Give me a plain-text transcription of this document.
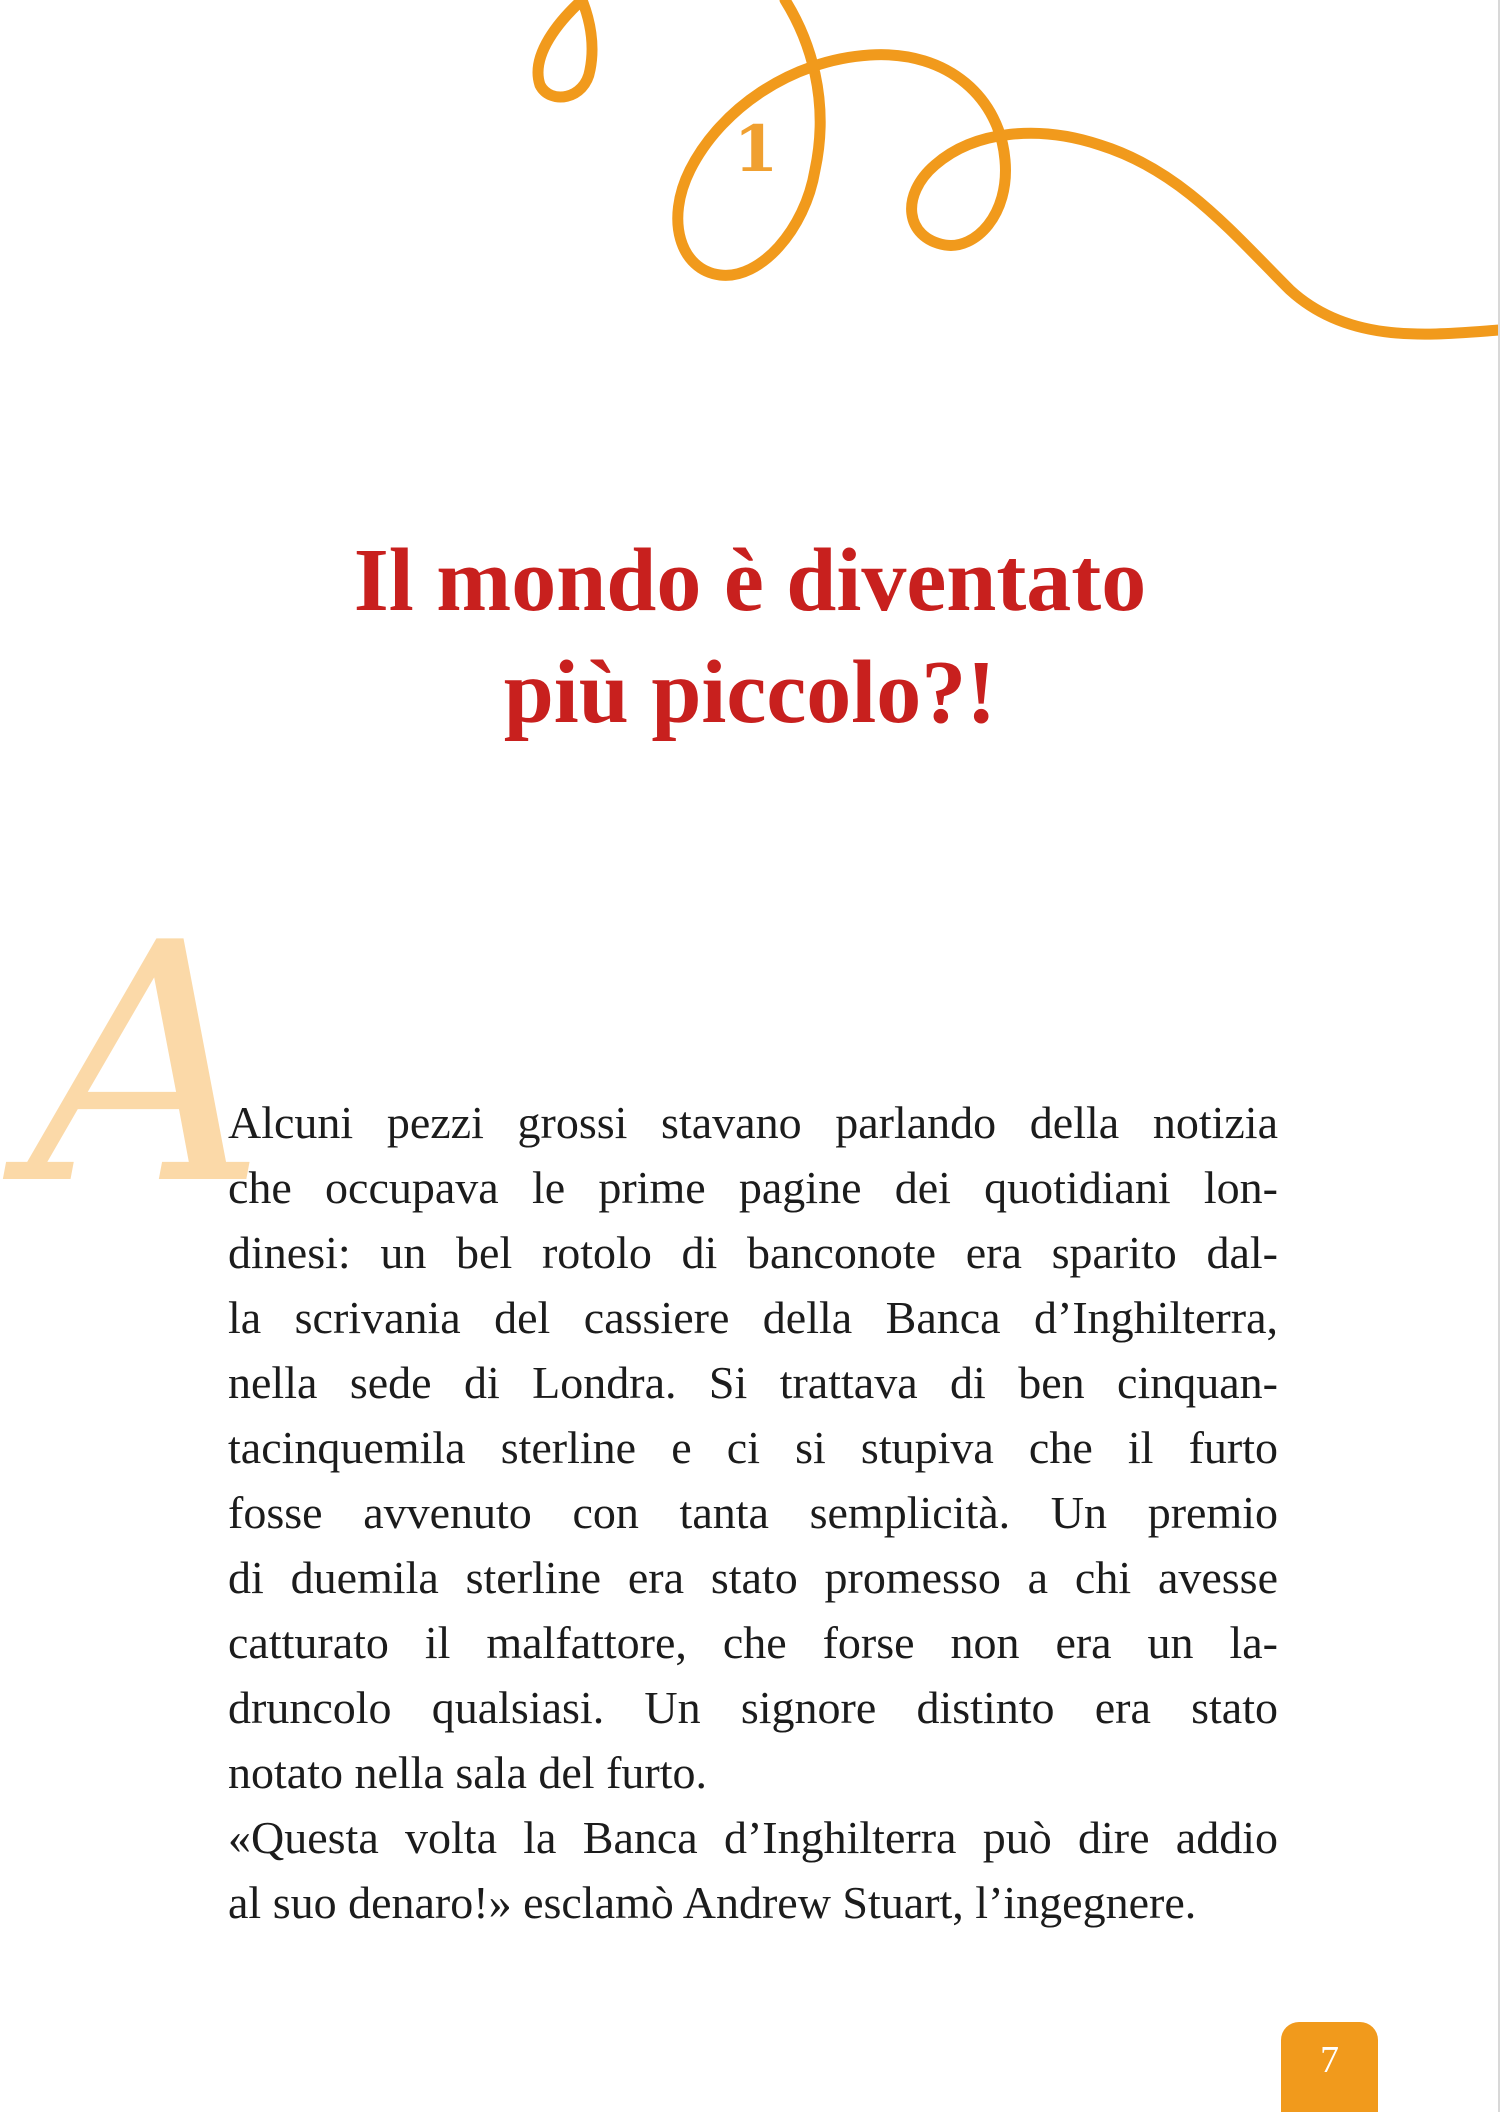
1
Il mondo è diventato
più piccolo?!
A
Alcuni pezzi grossi stavano parlando della notizia
che occupava le prime pagine dei quotidiani lon-
dinesi: un bel rotolo di banconote era sparito dal-
la scrivania del cassiere della Banca d’Inghilterra,
nella sede di Londra. Si trattava di ben cinquan-
tacinquemila sterline e ci si stupiva che il furto
fosse avvenuto con tanta semplicità. Un premio
di duemila sterline era stato promesso a chi avesse
catturato il malfattore, che forse non era un la-
druncolo qualsiasi. Un signore distinto era stato
notato nella sala del furto.
«Questa volta la Banca d’Inghilterra può dire addio
al suo denaro!» esclamò Andrew Stuart, l’ingegnere.
7
